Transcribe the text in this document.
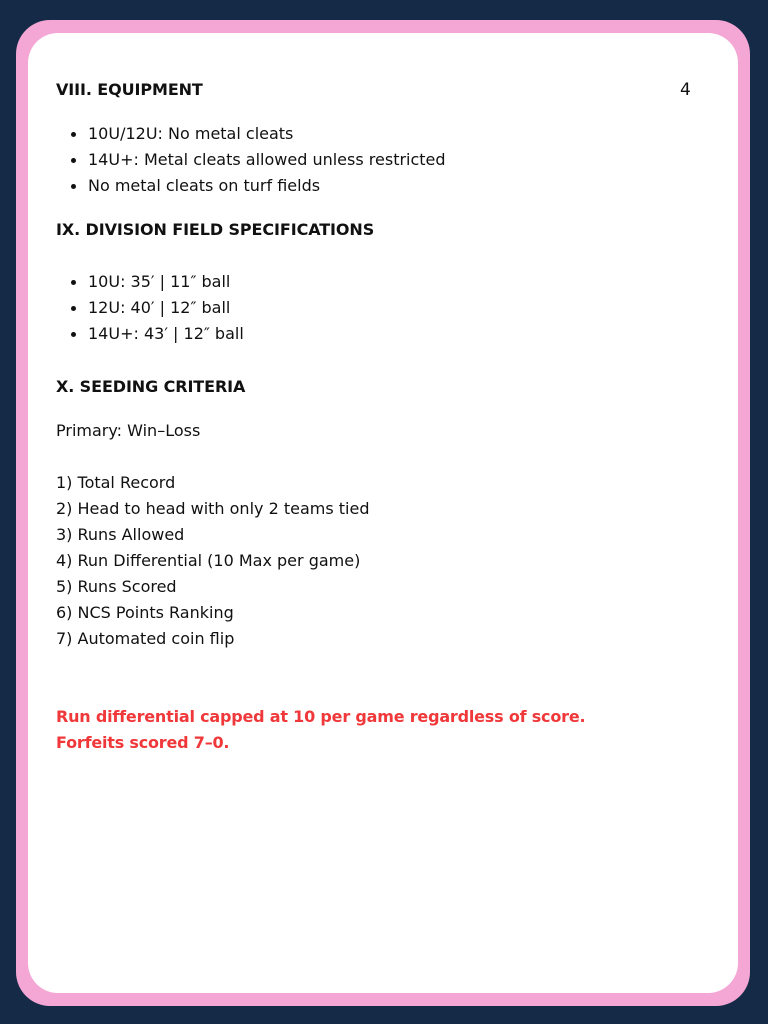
4
VIII. EQUIPMENT
10U/12U: No metal cleats
14U+: Metal cleats allowed unless restricted
No metal cleats on turf fields
IX. DIVISION FIELD SPECIFICATIONS
10U: 35′ | 11″ ball
12U: 40′ | 12″ ball
14U+: 43′ | 12″ ball
X. SEEDING CRITERIA
Primary: Win–Loss
1) Total Record
2) Head to head with only 2 teams tied
3) Runs Allowed
4) Run Differential (10 Max per game)
5) Runs Scored
6) NCS Points Ranking
7) Automated coin flip
Run differential capped at 10 per game regardless of score.
Forfeits scored 7–0.
